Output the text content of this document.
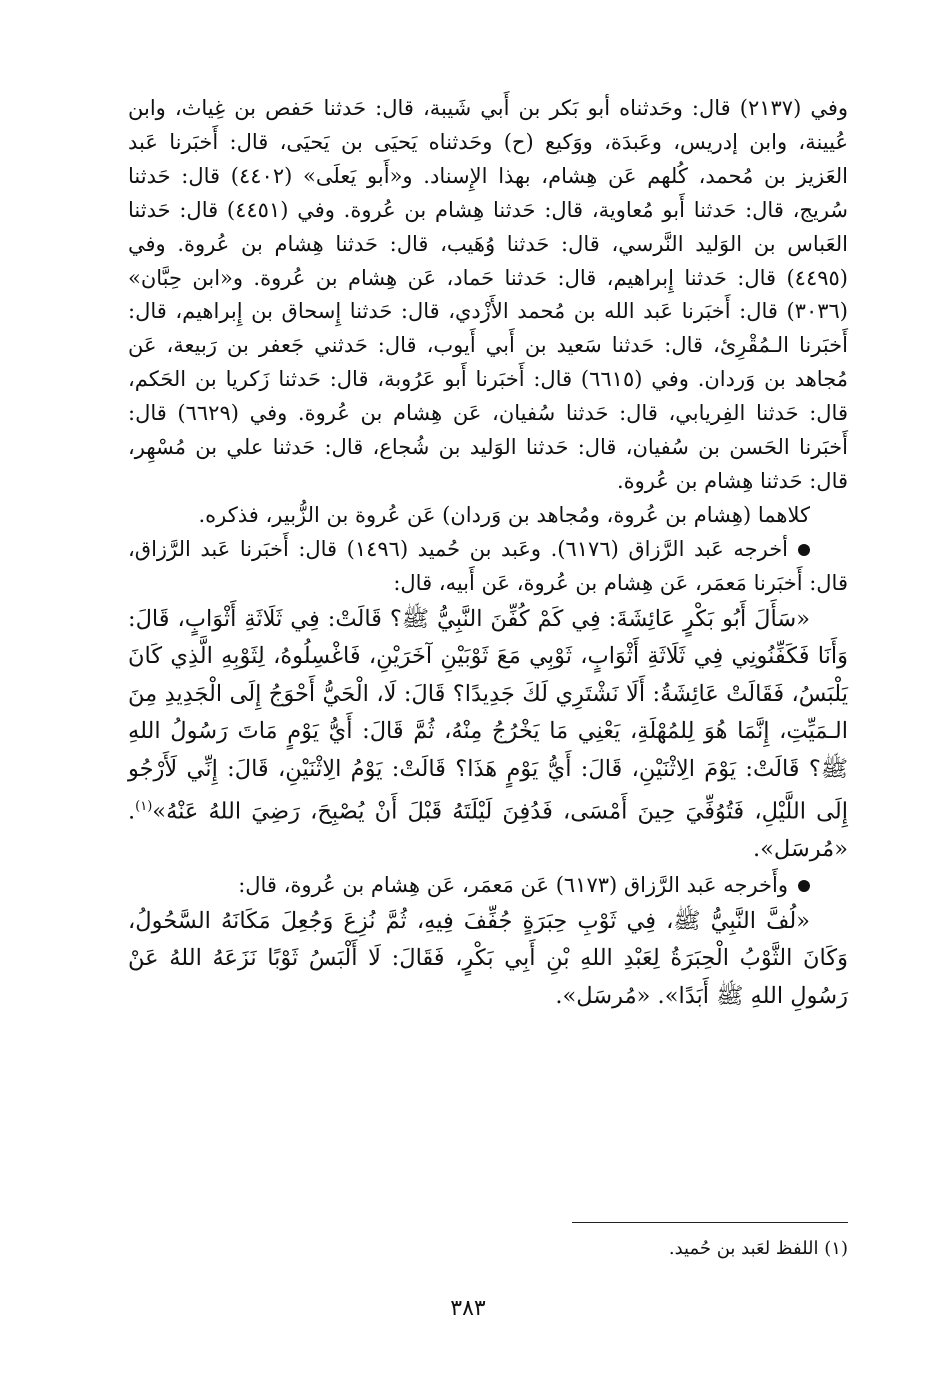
وفي (٢١٣٧) قال: وحَدثناه أبو بَكر بن أَبي شَيبة، قال: حَدثنا حَفص بن غِياث، وابن عُيينة، وابن إدريس، وعَبدَة، ووَكيع (ح) وحَدثناه يَحيَى بن يَحيَى، قال: أَخبَرنا عَبد العَزيز بن مُحمد، كُلهم عَن هِشام، بهذا الإِسناد. و«أَبو يَعلَى» (٤٤٠٢) قال: حَدثنا سُريج، قال: حَدثنا أَبو مُعاوية، قال: حَدثنا هِشام بن عُروة. وفي (٤٤٥١) قال: حَدثنا العَباس بن الوَليد النَّرسي، قال: حَدثنا وُهَيب، قال: حَدثنا هِشام بن عُروة. وفي (٤٤٩٥) قال: حَدثنا إِبراهيم، قال: حَدثنا حَماد، عَن هِشام بن عُروة. و«ابن حِبَّان» (٣٠٣٦) قال: أَخبَرنا عَبد الله بن مُحمد الأَزْدي، قال: حَدثنا إِسحاق بن إِبراهيم، قال: أَخبَرنا الـمُقْرِئ، قال: حَدثنا سَعيد بن أَبي أَيوب، قال: حَدثني جَعفر بن رَبيعة، عَن مُجاهد بن وَردان. وفي (٦٦١٥) قال: أَخبَرنا أَبو عَرُوبة، قال: حَدثنا زَكريا بن الحَكم، قال: حَدثنا الفِريابي، قال: حَدثنا سُفيان، عَن هِشام بن عُروة. وفي (٦٦٢٩) قال: أَخبَرنا الحَسن بن سُفيان، قال: حَدثنا الوَليد بن شُجاع، قال: حَدثنا علي بن مُسْهِر، قال: حَدثنا هِشام بن عُروة.

كلاهما (هِشام بن عُروة، ومُجاهد بن وَردان) عَن عُروة بن الزُّبير، فذكره.

أخرجه عَبد الرَّزاق (٦١٧٦). وعَبد بن حُميد (١٤٩٦) قال: أَخبَرنا عَبد الرَّزاق، قال: أَخبَرنا مَعمَر، عَن هِشام بن عُروة، عَن أَبيه، قال:

«سَأَلَ أَبُو بَكْرٍ عَائِشَةَ: فِي كَمْ كُفِّنَ النَّبِيُّ ﷺ؟ قَالَتْ: فِي ثَلَاثَةِ أَثْوَابٍ، قَالَ: وَأَنَا فَكَفِّنُونِي فِي ثَلَاثَةِ أَثْوَابٍ، ثَوْبِي مَعَ ثَوْبَيْنِ آخَرَيْنِ، فَاغْسِلُوهُ، لِثَوْبِهِ الَّذِي كَانَ يَلْبَسُ، فَقَالَتْ عَائِشَةُ: أَلَا نَشْتَرِي لَكَ جَدِيدًا؟ قَالَ: لَا، الْحَيُّ أَحْوَجُ إِلَى الْجَدِيدِ مِنَ الـمَيِّتِ، إِنَّمَا هُوَ لِلمُهْلَةِ، يَعْنِي مَا يَخْرُجُ مِنْهُ، ثُمَّ قَالَ: أَيُّ يَوْمٍ مَاتَ رَسُولُ اللهِ ﷺ؟ قَالَتْ: يَوْمَ الِاثْنَيْنِ، قَالَ: أَيُّ يَوْمٍ هَذَا؟ قَالَتْ: يَوْمُ الِاثْنَيْنِ، قَالَ: إِنِّي لَأَرْجُو إِلَى اللَّيْلِ، فَتُوُفِّيَ حِينَ أَمْسَى، فَدُفِنَ لَيْلَتَهُ قَبْلَ أَنْ يُصْبِحَ، رَضِيَ اللهُ عَنْهُ»$^{(١)}$. «مُرسَل».

وأَخرجه عَبد الرَّزاق (٦١٧٣) عَن مَعمَر، عَن هِشام بن عُروة، قال:

«لُفَّ النَّبِيُّ ﷺ، فِي ثَوْبِ حِبَرَةٍ جُفِّفَ فِيهِ، ثُمَّ نُزِعَ وَجُعِلَ مَكَانَهُ السَّحُولُ، وَكَانَ الثَّوْبُ الْحِبَرَةُ لِعَبْدِ اللهِ بْنِ أَبِي بَكْرٍ، فَقَالَ: لَا أَلْبَسُ ثَوْبًا نَزَعَهُ اللهُ عَنْ رَسُولِ اللهِ ﷺ أَبَدًا». «مُرسَل».

(١) اللفظ لعَبد بن حُميد.

٣٨٣
